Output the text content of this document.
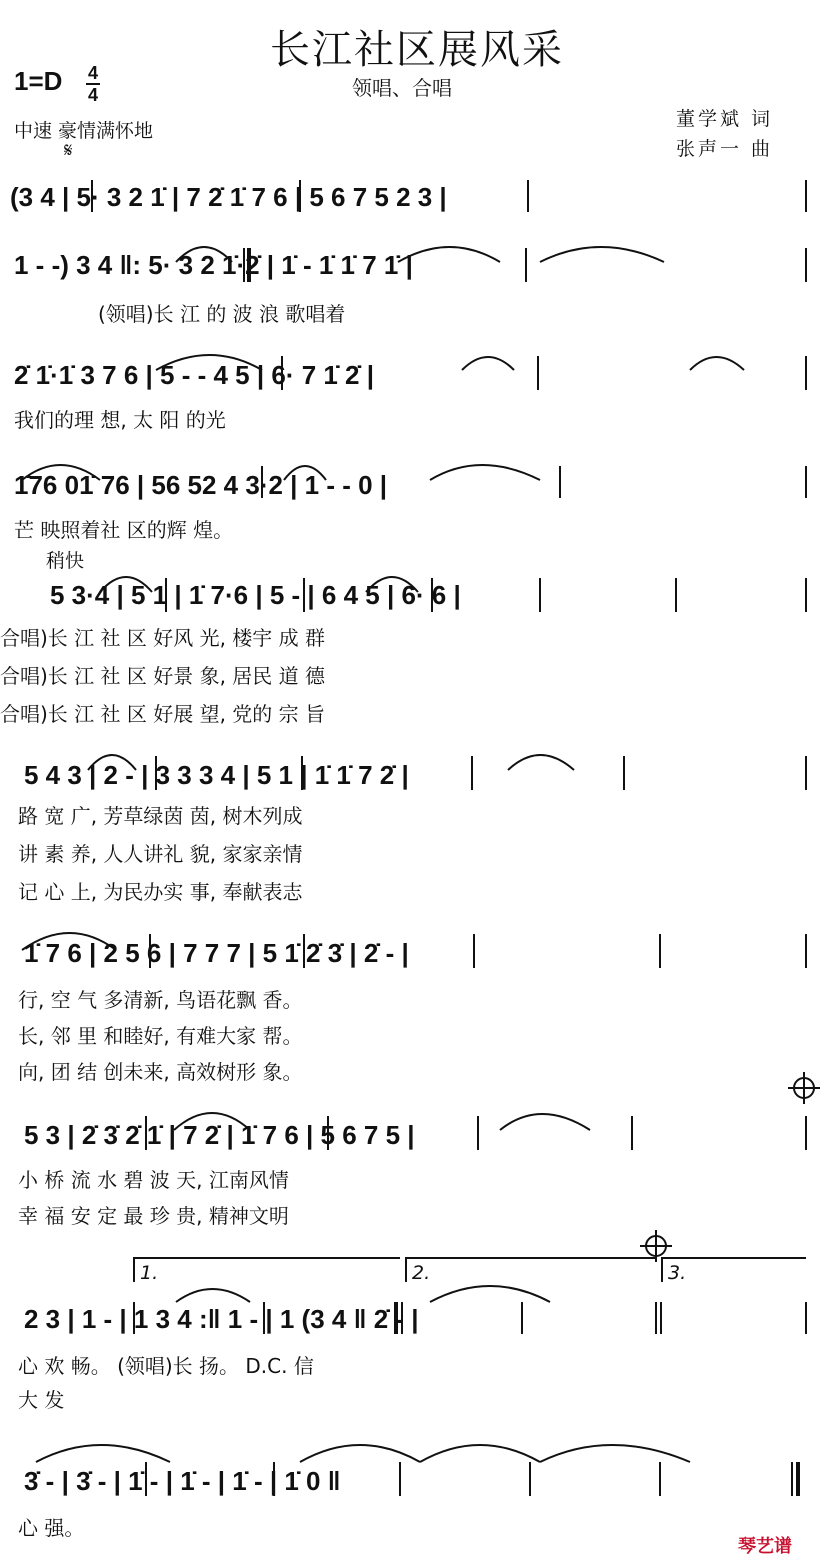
长江社区展风采
领唱、合唱
1=D 4
4
中速 豪情满怀地
𝄋
董学斌 词
张声一 曲
(3 4 | 5· 3 2 1̇ | 7 2̇ 1̇ 7 6 | 5 6 7 5 2 3 |
1 - -) 3 4 ‖: 5· 3 2 1̇·2̇ | 1̇ - 1̇ 1̇ 7 1̇ |
(领唱)长 江 的 波 浪 歌唱着
2̇ 1̇·1̇ 3 7 6 | 5 - - 4 5 | 6· 7 1̇ 2̇ |
我们的理 想, 太 阳 的光
1̇76 01̇ 76 | 56 52 4 3·2 | 1 - - 0 |
芒 映照着社 区的辉 煌。
稍快
5 3·4 | 5 1 | 1̇ 7·6 | 5 - | 6 4 5 | 6· 6 |
合唱)长 江 社 区 好风 光, 楼宇 成 群
合唱)长 江 社 区 好景 象, 居民 道 德
合唱)长 江 社 区 好展 望, 党的 宗 旨
5 4 3 | 2 - | 3 3 3 4 | 5 1 | 1̇ 1̇ 7 2̇ |
路 宽 广, 芳草绿茵 茵, 树木列成
讲 素 养, 人人讲礼 貌, 家家亲情
记 心 上, 为民办实 事, 奉献表志
1̇ 7 6 | 2 5 6 | 7 7 7 | 5 1̇ 2̇ 3̇ | 2̇ - |
行, 空 气 多清新, 鸟语花飘 香。
长, 邻 里 和睦好, 有难大家 帮。
向, 团 结 创未来, 高效树形 象。
5 3 | 2̇ 3̇ 2̇ 1̇ | 7 2̇ | 1̇ 7 6 | 5 6 7 5 |
小 桥 流 水 碧 波 天, 江南风情
幸 福 安 定 最 珍 贵, 精神文明
1.	2.	3.
2 3 | 1 - | 1 3 4 :‖ 1 - | 1 (3 4 ‖ 2̇ - |
心 欢 畅。 (领唱)长 扬。 D.C. 信
大 发
3̇ - | 3̇ - | 1̇ - | 1̇ - | 1̇ - | 1̇ 0 ‖
心 强。
琴艺谱
